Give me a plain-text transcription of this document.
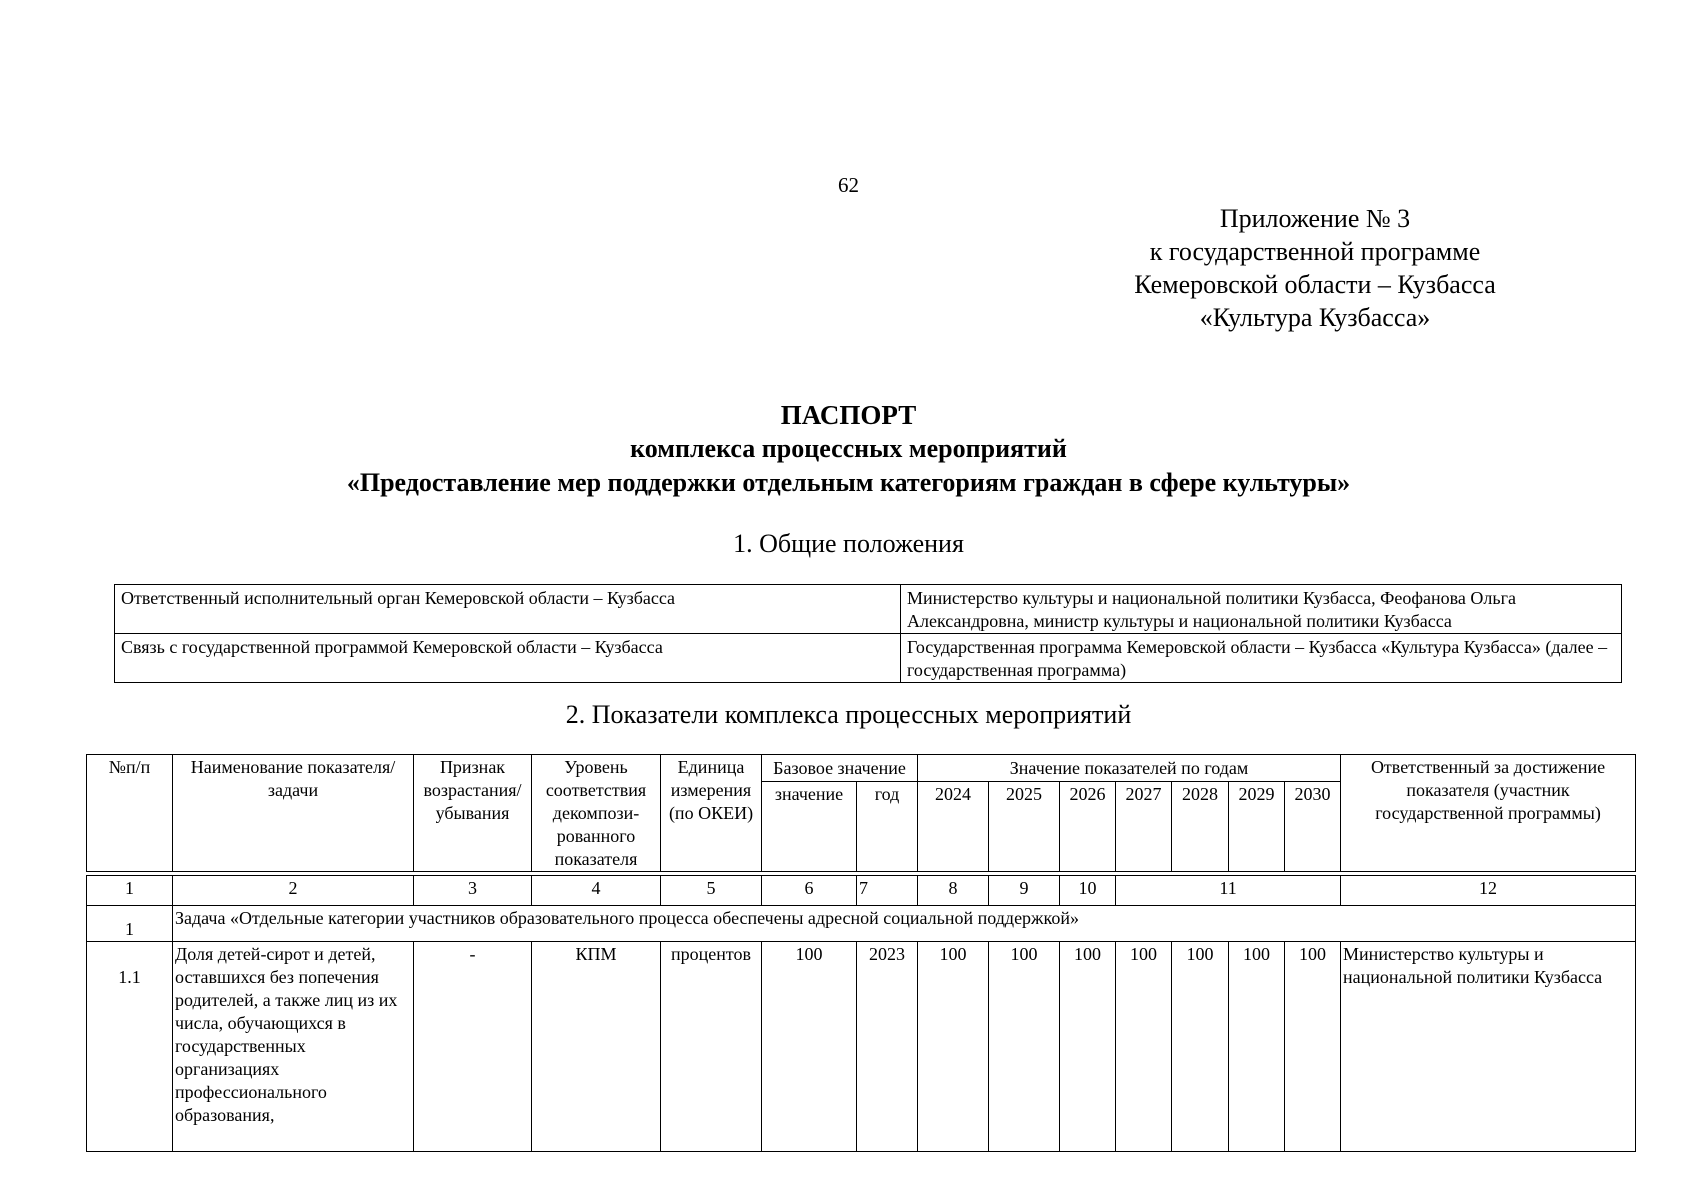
62
Приложение № 3
к государственной программе
Кемеровской области – Кузбасса
«Культура Кузбасса»
ПАСПОРТ
комплекса процессных мероприятий
«Предоставление мер поддержки отдельным категориям граждан в сфере культуры»
1. Общие положения
Ответственный исполнительный орган Кемеровской области – Кузбасса	Министерство культуры и национальной политики Кузбасса, Феофанова Ольга Александровна, министр культуры и национальной политики Кузбасса
Связь с государственной программой Кемеровской области – Кузбасса	Государственная программа Кемеровской области – Кузбасса «Культура Кузбасса» (далее – государственная программа)
2. Показатели комплекса процессных мероприятий
№п/п	Наименование показателя/задачи	Признак возрастания/ убывания	Уровень соответствия декомпози-рованного показателя	Единица измерения (по ОКЕИ)	Базовое значение		Значение показателей по годам							Ответственный за достижение показателя (участник государственной программы)
					значение	год	2024	2025	2026	2027	2028	2029	2030	

1	2	3	4	5	6	7	8	9	10	11				12
1	Задача «Отдельные категории участников образовательного процесса обеспечены адресной социальной поддержкой»													
1.1	Доля детей-сирот и детей, оставшихся без попечения родителей, а также лиц из их числа, обучающихся в государственных организациях профессионального образования,	-	КПМ	процентов	100	2023	100	100	100	100	100	100	100	Министерство культуры и национальной политики Кузбасса
